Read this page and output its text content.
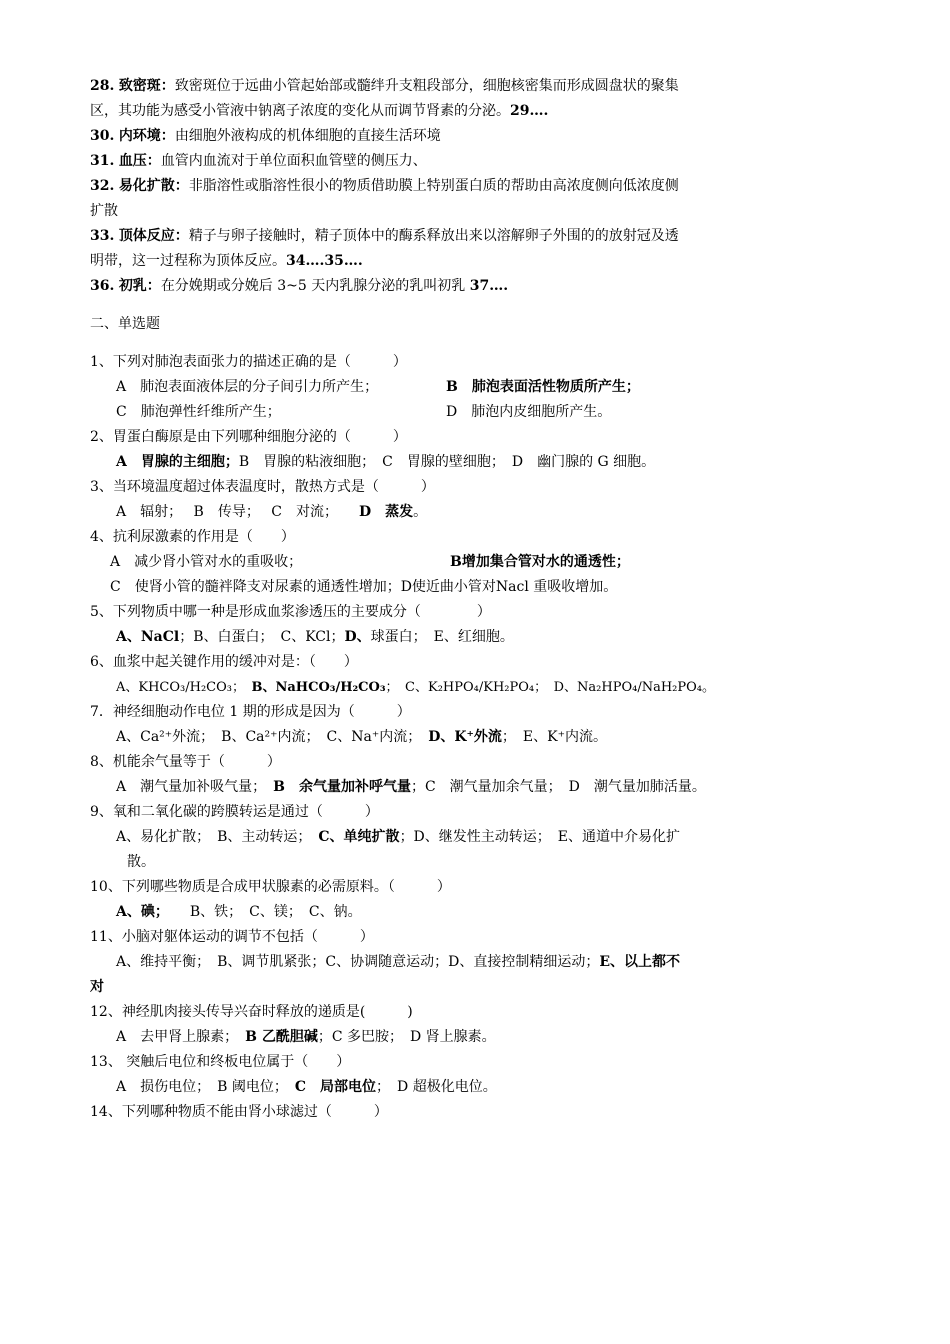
28. 致密斑：致密斑位于远曲小管起始部或髓绊升支粗段部分，细胞核密集而形成圆盘状的聚集
区，其功能为感受小管液中钠离子浓度的变化从而调节肾素的分泌。29….
30. 内环境：由细胞外液构成的机体细胞的直接生活环境
31. 血压：血管内血流对于单位面积血管壁的侧压力、
32. 易化扩散：非脂溶性或脂溶性很小的物质借助膜上特别蛋白质的帮助由高浓度侧向低浓度侧
扩散
33. 顶体反应：精子与卵子接触时，精子顶体中的酶系释放出来以溶解卵子外围的的放射冠及透
明带，这一过程称为顶体反应。34….35….
36. 初乳：在分娩期或分娩后 3~5 天内乳腺分泌的乳叫初乳 37….
二、单选题
1、下列对肺泡表面张力的描述正确的是（　　　）
A　肺泡表面液体层的分子间引力所产生；	B　肺泡表面活性物质所产生；
C　肺泡弹性纤维所产生；	D　肺泡内皮细胞所产生。
2、胃蛋白酶原是由下列哪种细胞分泌的（　　　）
A　胃腺的主细胞；B　胃腺的粘液细胞；　C　胃腺的壁细胞；　D　幽门腺的 G 细胞。
3、当环境温度超过体表温度时，散热方式是（　　　）
A　辐射；　 B　传导；　 C　对流；　　D　蒸发。
4、抗利尿激素的作用是（　　）
A　减少肾小管对水的重吸收；	B增加集合管对水的通透性；
C　使肾小管的髓袢降支对尿素的通透性增加；D使近曲小管对Nacl 重吸收增加。
5、下列物质中哪一种是形成血浆渗透压的主要成分（　　　　）
A、NaCl；B、白蛋白；　C、KCl；D、球蛋白；　E、红细胞。
6、血浆中起关键作用的缓冲对是：（　　）
A、KHCO₃/H₂CO₃；　 B、NaHCO₃/H₂CO₃；　C、K₂HPO₄/KH₂PO₄；　D、Na₂HPO₄/NaH₂PO₄。
7．神经细胞动作电位 1 期的形成是因为（　　　）
A、Ca²⁺外流；　B、Ca²⁺内流；　C、Na⁺内流；　 D、K⁺外流；　E、K⁺内流。
8、机能余气量等于（　　　）
A　潮气量加补吸气量；　 B　余气量加补呼气量；C　潮气量加余气量；　D　潮气量加肺活量。
9、氧和二氧化碳的跨膜转运是通过（　　　）
A、易化扩散；　B、主动转运；　 C、单纯扩散；D、继发性主动转运；　E、通道中介易化扩
散。
10、下列哪些物质是合成甲状腺素的必需原料。（　　　）
A、碘；　　 B、铁；　C、镁；　C、钠。
11、小脑对躯体运动的调节不包括（　　　）
A、维持平衡；　B、调节肌紧张；C、协调随意运动；D、直接控制精细运动；E、以上都不
对
12、神经肌肉接头传导兴奋时释放的递质是(　　　)
A　去甲肾上腺素；　B 乙酰胆碱；C 多巴胺；　D 肾上腺素。
13、 突触后电位和终板电位属于（　　）
A　损伤电位；　B 阈电位；　 C　局部电位；　D 超极化电位。
14、下列哪种物质不能由肾小球滤过（　　　）
